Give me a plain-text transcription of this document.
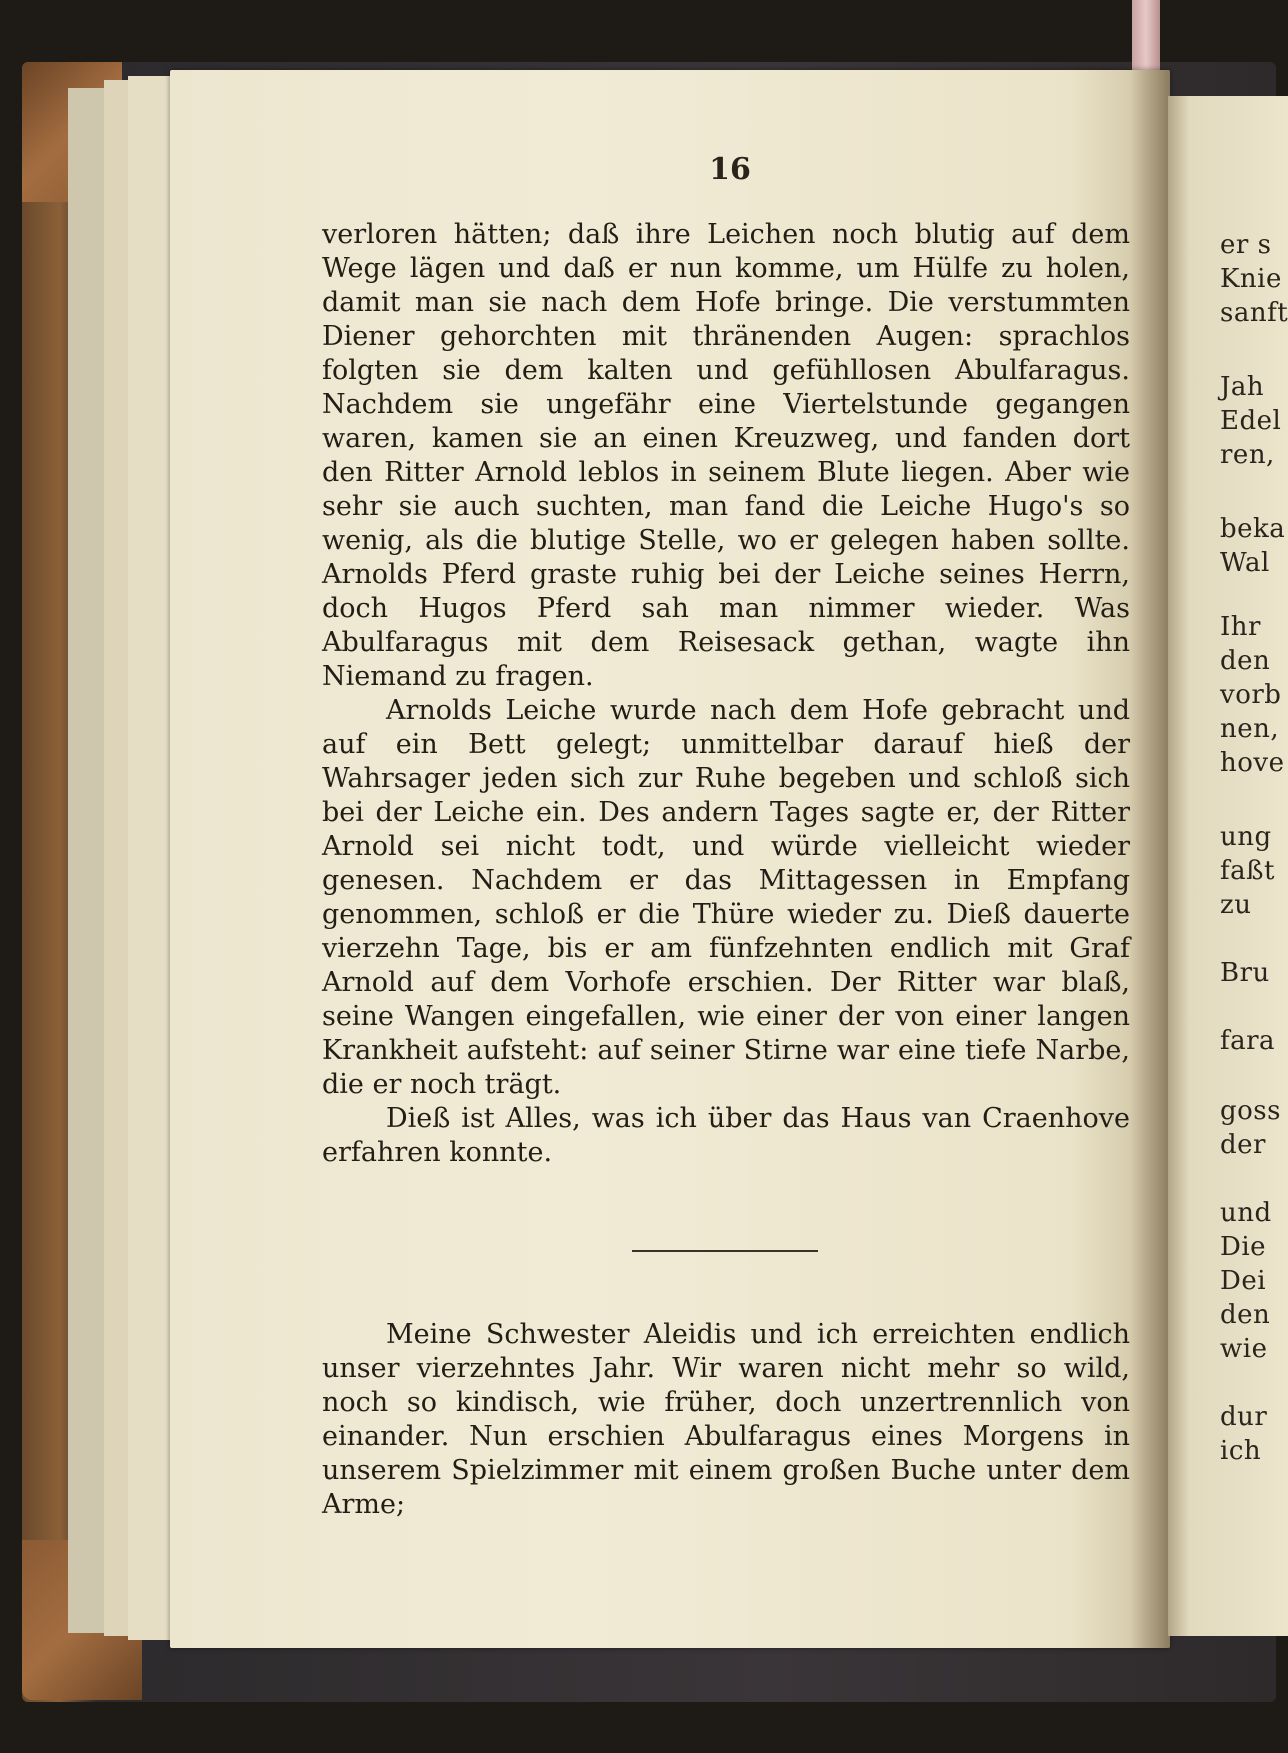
16

verloren hätten; daß ihre Leichen noch blutig auf dem Wege lägen und daß er nun komme, um Hülfe zu holen, damit man sie nach dem Hofe bringe. Die verstummten Diener gehorchten mit thränenden Augen: sprachlos folgten sie dem kalten und gefühllosen Abulfaragus. Nachdem sie ungefähr eine Viertelstunde gegangen waren, kamen sie an einen Kreuzweg, und fanden dort den Ritter Arnold leblos in seinem Blute liegen. Aber wie sehr sie auch suchten, man fand die Leiche Hugo's so wenig, als die blutige Stelle, wo er gelegen haben sollte. Arnolds Pferd graste ruhig bei der Leiche seines Herrn, doch Hugos Pferd sah man nimmer wieder. Was Abulfaragus mit dem Reisesack gethan, wagte ihn Niemand zu fragen.

Arnolds Leiche wurde nach dem Hofe gebracht und auf ein Bett gelegt; unmittelbar darauf hieß der Wahrsager jeden sich zur Ruhe begeben und schloß sich bei der Leiche ein. Des andern Tages sagte er, der Ritter Arnold sei nicht todt, und würde vielleicht wieder genesen. Nachdem er das Mittagessen in Empfang genommen, schloß er die Thüre wieder zu. Dieß dauerte vierzehn Tage, bis er am fünfzehnten endlich mit Graf Arnold auf dem Vorhofe erschien. Der Ritter war blaß, seine Wangen eingefallen, wie einer der von einer langen Krankheit aufsteht: auf seiner Stirne war eine tiefe Narbe, die er noch trägt.

Dieß ist Alles, was ich über das Haus van Craenhove erfahren konnte.

Meine Schwester Aleidis und ich erreichten endlich unser vierzehntes Jahr. Wir waren nicht mehr so wild, noch so kindisch, wie früher, doch unzertrennlich von einander. Nun erschien Abulfaragus eines Morgens in unserem Spielzimmer mit einem großen Buche unter dem Arme;

er s
Knie
sanft
Jah
Edel
ren,
beka
Wal
Ihr
den
vorb
nen,
hove
ung
faßt
zu
Bru
fara
goss
der
und
Die
Dei
den
wie
dur
ich
